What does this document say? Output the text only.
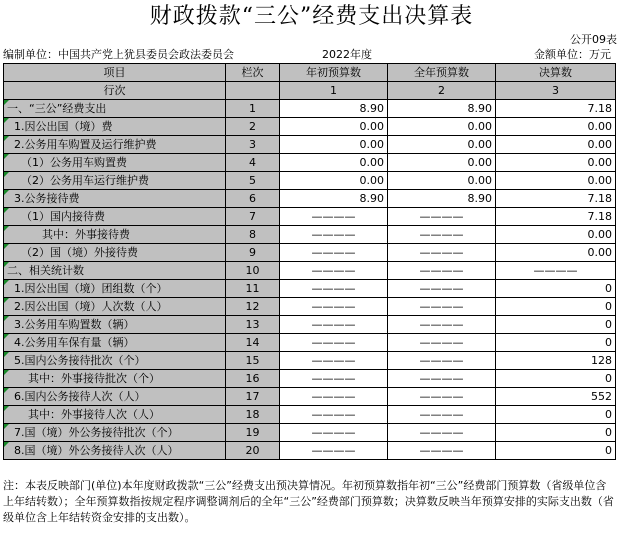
财政拨款“三公”经费支出决算表
公开09表
编制单位：中国共产党上犹县委员会政法委员会	2022年度	金额单位：万元
项目	栏次	年初预算数	全年预算数	决算数
行次		1	2	3
一、“三公”经费支出	1	8.90	8.90	7.18
1.因公出国（境）费	2	0.00	0.00	0.00
2.公务用车购置及运行维护费	3	0.00	0.00	0.00
（1）公务用车购置费	4	0.00	0.00	0.00
（2）公务用车运行维护费	5	0.00	0.00	0.00
3.公务接待费	6	8.90	8.90	7.18
（1）国内接待费	7	————	————	7.18
其中：外事接待费	8	————	————	0.00
（2）国（境）外接待费	9	————	————	0.00
二、相关统计数	10	————	————	————
1.因公出国（境）团组数（个）	11	————	————	0
2.因公出国（境）人次数（人）	12	————	————	0
3.公务用车购置数（辆）	13	————	————	0
4.公务用车保有量（辆）	14	————	————	0
5.国内公务接待批次（个）	15	————	————	128
其中：外事接待批次（个）	16	————	————	0
6.国内公务接待人次（人）	17	————	————	552
其中：外事接待人次（人）	18	————	————	0
7.国（境）外公务接待批次（个）	19	————	————	0
8.国（境）外公务接待人次（人）	20	————	————	0
注：本表反映部门(单位)本年度财政拨款“三公”经费支出预决算情况。年初预算数指年初“三公”经费部门预算数（省级单位含上年结转数）；全年预算数指按规定程序调整调剂后的全年“三公”经费部门预算数；决算数反映当年预算安排的实际支出数（省级单位含上年结转资金安排的支出数）。
